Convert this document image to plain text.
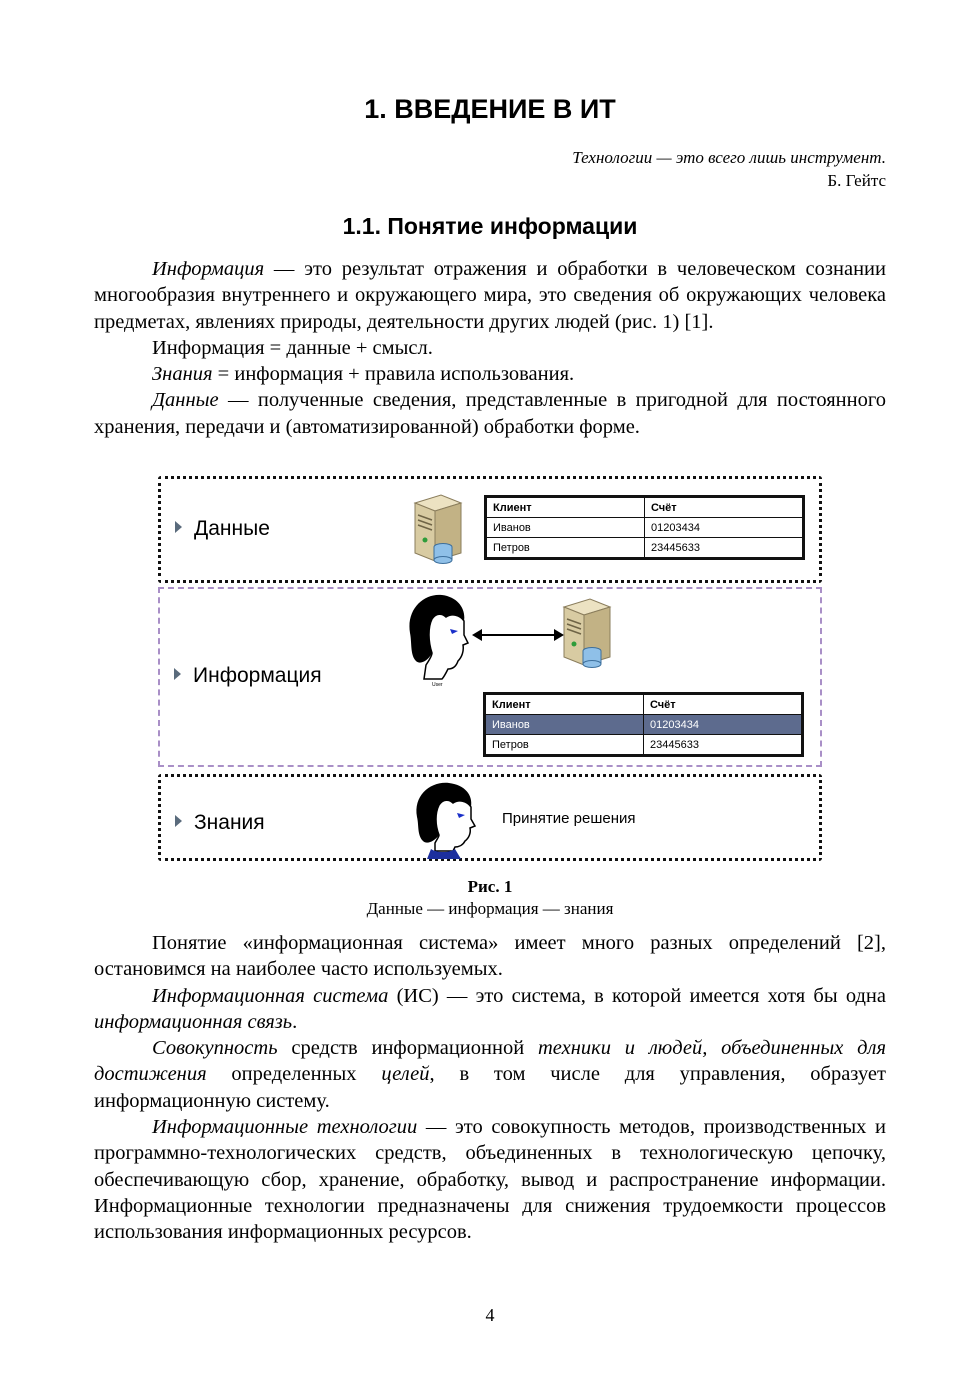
1. ВВЕДЕНИЕ В ИТ
Технологии — это всего лишь инструмент.
Б. Гейтс
1.1. Понятие информации

Информация — это результат отражения и обработки в человеческом сознании многообразия внутреннего и окружающего мира, это сведения об окружающих человека предметах, явлениях природы, деятельности других людей (рис. 1) [1].

Информация = данные + смысл.

Знания = информация + правила использования.

Данные — полученные сведения, представленные в пригодной для постоянного хранения, передачи и (автоматизированной) обработки форме.

Данные
Клиент	Счёт
Иванов	01203434
Петров	23445633
Информация	User
Клиент	Счёт
Иванов	01203434
Петров	23445633
Знания	Принятие решения
Рис. 1
Данные — информация — знания

Понятие «информационная система» имеет много разных определений [2], остановимся на наиболее часто используемых.

Информационная система (ИС) — это система, в которой имеется хотя бы одна информационная связь.

Совокупность средств информационной техники и людей, объединенных для достижения определенных целей, в том числе для управления, образует информационную систему.

Информационные технологии — это совокупность методов, производственных и программно-технологических средств, объединенных в технологическую цепочку, обеспечивающую сбор, хранение, обработку, вывод и распространение информации. Информационные технологии предназначены для снижения трудоемкости процессов использования информационных ресурсов.

4
